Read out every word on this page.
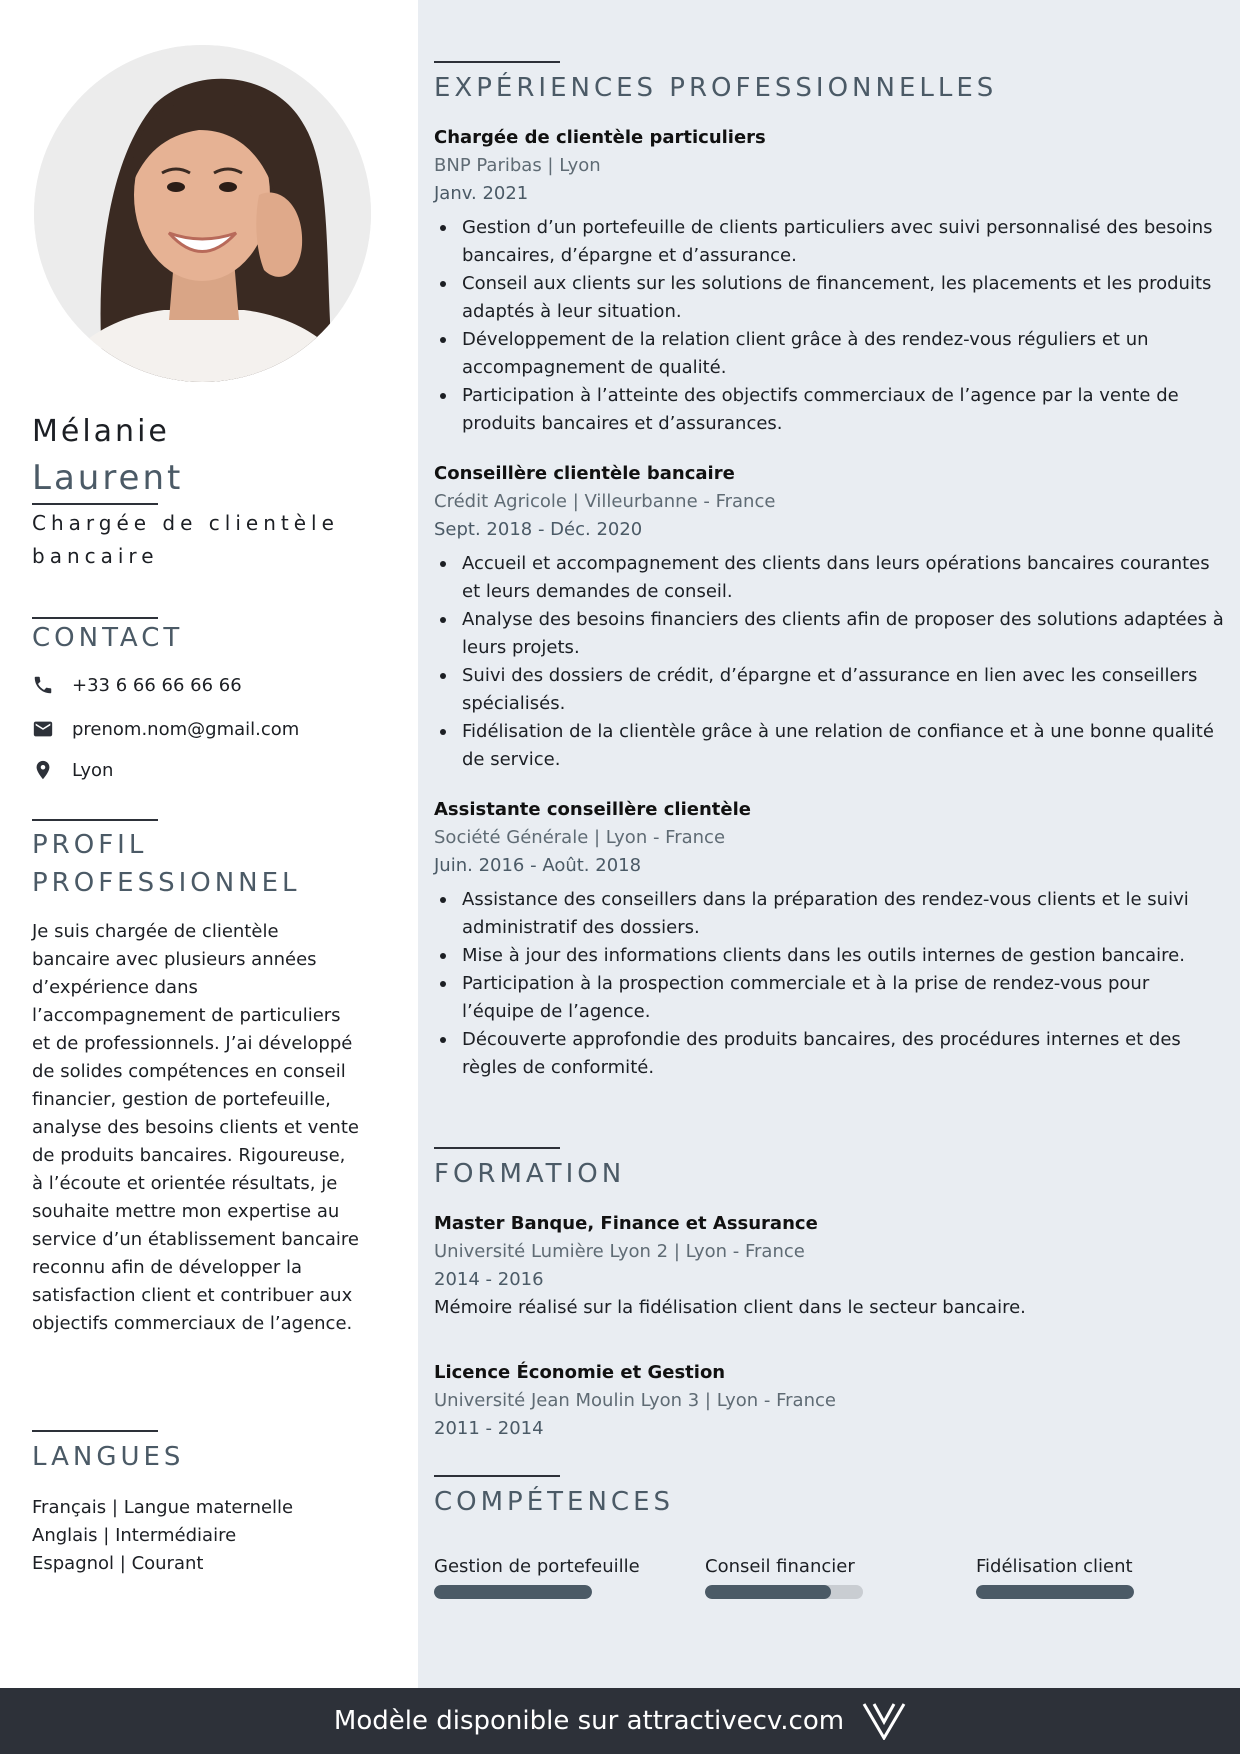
Mélanie
Laurent
Chargée de clientèle bancaire
CONTACT
+33 6 66 66 66 66
prenom.nom@gmail.com
Lyon
PROFIL
PROFESSIONNEL
Je suis chargée de clientèle bancaire avec plusieurs années d’expérience dans l’accompagnement de particuliers et de professionnels. J’ai développé de solides compétences en conseil financier, gestion de portefeuille, analyse des besoins clients et vente de produits bancaires. Rigoureuse, à l’écoute et orientée résultats, je souhaite mettre mon expertise au service d’un établissement bancaire reconnu afin de développer la satisfaction client et contribuer aux objectifs commerciaux de l’agence.
LANGUES
Français | Langue maternelle
Anglais | Intermédiaire
Espagnol | Courant
EXPÉRIENCES PROFESSIONNELLES
Chargée de clientèle particuliers
BNP Paribas | Lyon
Janv. 2021
Gestion d’un portefeuille de clients particuliers avec suivi personnalisé des besoins bancaires, d’épargne et d’assurance.
Conseil aux clients sur les solutions de financement, les placements et les produits adaptés à leur situation.
Développement de la relation client grâce à des rendez-vous réguliers et un accompagnement de qualité.
Participation à l’atteinte des objectifs commerciaux de l’agence par la vente de produits bancaires et d’assurances.
Conseillère clientèle bancaire
Crédit Agricole | Villeurbanne - France
Sept. 2018 - Déc. 2020
Accueil et accompagnement des clients dans leurs opérations bancaires courantes et leurs demandes de conseil.
Analyse des besoins financiers des clients afin de proposer des solutions adaptées à leurs projets.
Suivi des dossiers de crédit, d’épargne et d’assurance en lien avec les conseillers spécialisés.
Fidélisation de la clientèle grâce à une relation de confiance et à une bonne qualité de service.
Assistante conseillère clientèle
Société Générale | Lyon - France
Juin. 2016 - Août. 2018
Assistance des conseillers dans la préparation des rendez-vous clients et le suivi administratif des dossiers.
Mise à jour des informations clients dans les outils internes de gestion bancaire.
Participation à la prospection commerciale et à la prise de rendez-vous pour l’équipe de l’agence.
Découverte approfondie des produits bancaires, des procédures internes et des règles de conformité.
FORMATION
Master Banque, Finance et Assurance
Université Lumière Lyon 2 | Lyon - France
2014 - 2016
Mémoire réalisé sur la fidélisation client dans le secteur bancaire.
Licence Économie et Gestion
Université Jean Moulin Lyon 3 | Lyon - France
2011 - 2014
COMPÉTENCES
Gestion de portefeuille	Conseil financier	Fidélisation client
Modèle disponible sur attractivecv.com
